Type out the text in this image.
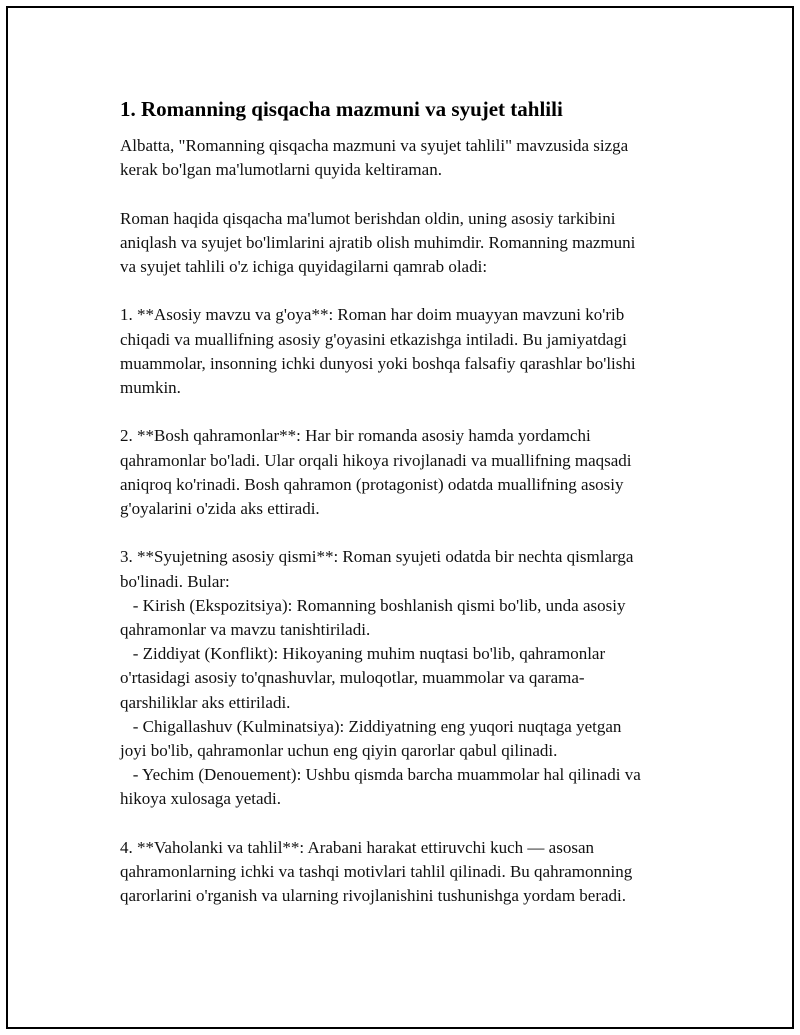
1. Romanning qisqacha mazmuni va syujet tahlili
Albatta, "Romanning qisqacha mazmuni va syujet tahlili" mavzusida sizga
kerak bo'lgan ma'lumotlarni quyida keltiraman.
Roman haqida qisqacha ma'lumot berishdan oldin, uning asosiy tarkibini
aniqlash va syujet bo'limlarini ajratib olish muhimdir. Romanning mazmuni
va syujet tahlili o'z ichiga quyidagilarni qamrab oladi:
1. **Asosiy mavzu va g'oya**: Roman har doim muayyan mavzuni ko'rib
chiqadi va muallifning asosiy g'oyasini etkazishga intiladi. Bu jamiyatdagi
muammolar, insonning ichki dunyosi yoki boshqa falsafiy qarashlar bo'lishi
mumkin.
2. **Bosh qahramonlar**: Har bir romanda asosiy hamda yordamchi
qahramonlar bo'ladi. Ular orqali hikoya rivojlanadi va muallifning maqsadi
aniqroq ko'rinadi. Bosh qahramon (protagonist) odatda muallifning asosiy
g'oyalarini o'zida aks ettiradi.
3. **Syujetning asosiy qismi**: Roman syujeti odatda bir nechta qismlarga
bo'linadi. Bular:
- Kirish (Ekspozitsiya): Romanning boshlanish qismi bo'lib, unda asosiy
qahramonlar va mavzu tanishtiriladi.
- Ziddiyat (Konflikt): Hikoyaning muhim nuqtasi bo'lib, qahramonlar
o'rtasidagi asosiy to'qnashuvlar, muloqotlar, muammolar va qarama-
qarshiliklar aks ettiriladi.
- Chigallashuv (Kulminatsiya): Ziddiyatning eng yuqori nuqtaga yetgan
joyi bo'lib, qahramonlar uchun eng qiyin qarorlar qabul qilinadi.
- Yechim (Denouement): Ushbu qismda barcha muammolar hal qilinadi va
hikoya xulosaga yetadi.
4. **Vaholanki va tahlil**: Arabani harakat ettiruvchi kuch — asosan
qahramonlarning ichki va tashqi motivlari tahlil qilinadi. Bu qahramonning
qarorlarini o'rganish va ularning rivojlanishini tushunishga yordam beradi.
